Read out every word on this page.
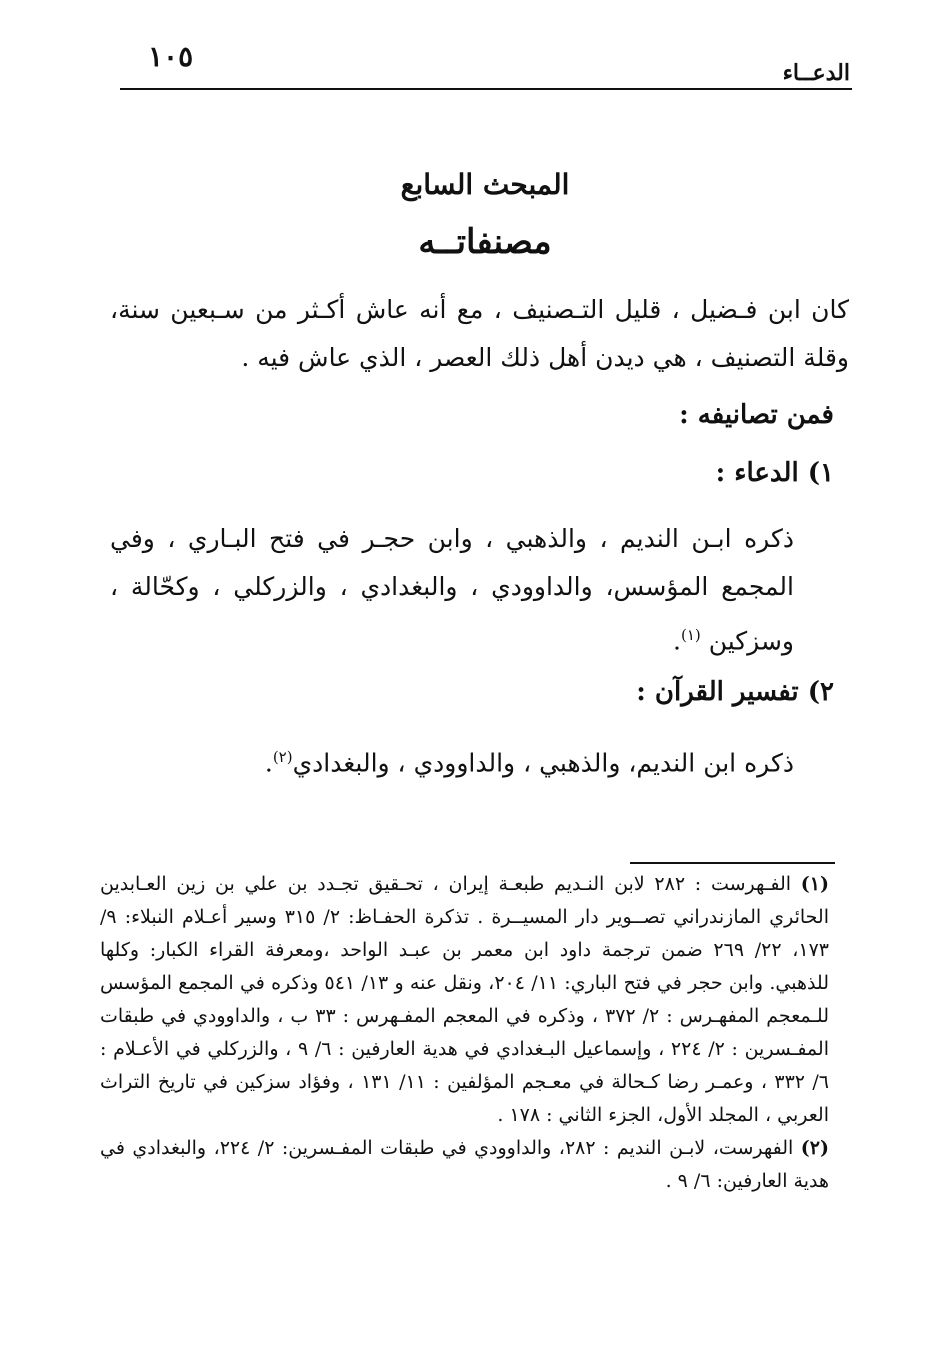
١٠٥	الدعــاء
المبحث السابع
مصنفاتــه

كان ابن فـضيل ، قليل التـصنيف ، مع أنه عاش أكـثر من سـبعين سنة، وقلة التصنيف ، هي ديدن أهل ذلك العصر ، الذي عاش فيه .

فمن تصانيفه :
١) الدعاء :

ذكره ابـن النديم ، والذهبي ، وابن حجـر في فتح البـاري ، وفي المجمع المؤسس، والداوودي ، والبغدادي ، والزركلي ، وكحّالة ، وسزكين $^{(١)}$.

٢) تفسير القرآن :

ذكره ابن النديم، والذهبي ، والداوودي ، والبغدادي$^{(٢)}$.

(١) الفـهرست : ٢٨٢ لابن النـديم طبعـة إيران ، تحـقيق تجـدد بن علي بن زين العـابدين الحائري المازندراني تصــوير دار المسيــرة . تذكرة الحفـاظ: ٢/ ٣١٥ وسير أعـلام النبلاء: ٩/ ١٧٣، ٢٢/ ٢٦٩ ضمن ترجمة داود ابن معمر بن عبـد الواحد ،ومعرفة القراء الكبار: وكلها للذهبي. وابن حجر في فتح الباري: ١١/ ٢٠٤، ونقل عنه و ١٣/ ٥٤١ وذكره في المجمع المؤسس للـمعجم المفهـرس : ٢/ ٣٧٢ ، وذكره في المعجم المفـهرس : ٣٣ ب ، والداوودي في طبقات المفـسرين : ٢/ ٢٢٤ ، وإسماعيل البـغدادي في هدية العارفين : ٦/ ٩ ، والزركلي في الأعـلام : ٦/ ٣٣٢ ، وعمـر رضا كـحالة في معـجم المؤلفين : ١١/ ١٣١ ، وفؤاد سزكين في تاريخ التراث العربي ، المجلد الأول، الجزء الثاني : ١٧٨ .

(٢) الفهرست، لابـن النديم : ٢٨٢، والداوودي في طبقات المفـسرين: ٢/ ٢٢٤، والبغدادي في هدية العارفين: ٦/ ٩ .
